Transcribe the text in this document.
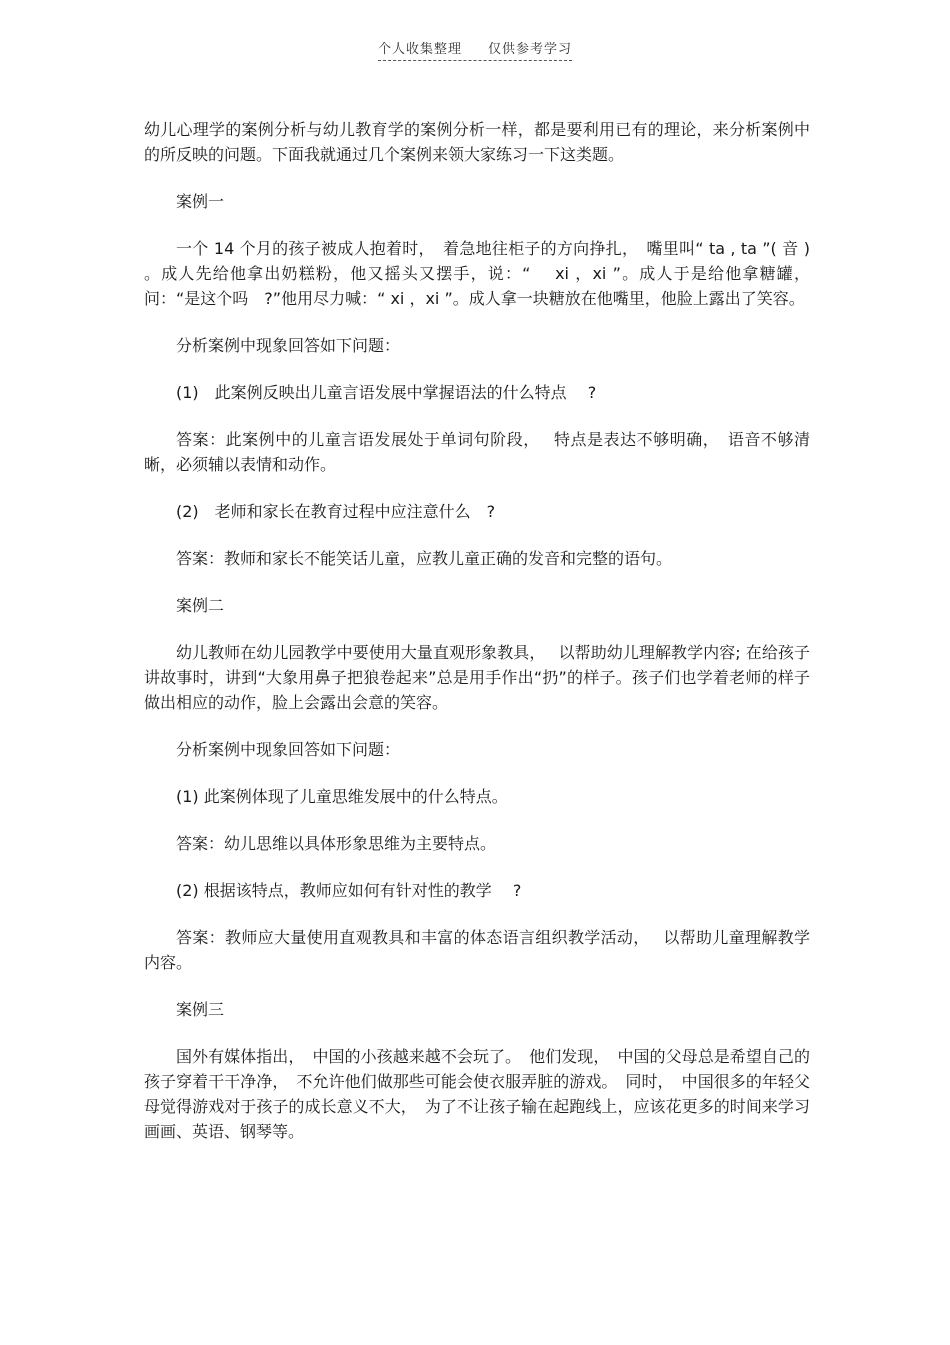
个人收集整理 仅供参考学习

幼儿心理学的案例分析与幼儿教育学的案例分析一样，都是要利用已有的理论，来分析案例中的所反映的问题。下面我就通过几个案例来领大家练习一下这类题。

案例一

一个 14 个月的孩子被成人抱着时，　着急地往柜子的方向挣扎，　嘴里叫“ ta , ta ”( 音 ) 。成人先给他拿出奶糕粉，他又摇头又摆手，说：“　 xi ，xi ”。成人于是给他拿糖罐，问：“是这个吗　?”他用尽力喊：“ xi ，xi ”。成人拿一块糖放在他嘴里，他脸上露出了笑容。

分析案例中现象回答如下问题：

(1)　此案例反映出儿童言语发展中掌握语法的什么特点　 ?

答案：此案例中的儿童言语发展处于单词句阶段，　 特点是表达不够明确，　语音不够清晰，必须辅以表情和动作。

(2)　老师和家长在教育过程中应注意什么　?

答案：教师和家长不能笑话儿童，应教儿童正确的发音和完整的语句。

案例二

幼儿教师在幼儿园教学中要使用大量直观形象教具，　 以帮助幼儿理解教学内容; 在给孩子讲故事时，讲到“大象用鼻子把狼卷起来”总是用手作出“扔”的样子。孩子们也学着老师的样子做出相应的动作，脸上会露出会意的笑容。

分析案例中现象回答如下问题：

(1) 此案例体现了儿童思维发展中的什么特点。

答案：幼儿思维以具体形象思维为主要特点。

(2) 根据该特点，教师应如何有针对性的教学　 ?

答案：教师应大量使用直观教具和丰富的体态语言组织教学活动，　 以帮助儿童理解教学内容。

案例三

国外有媒体指出，　中国的小孩越来越不会玩了。　他们发现，　中国的父母总是希望自己的孩子穿着干干净净，　不允许他们做那些可能会使衣服弄脏的游戏。　同时，　中国很多的年轻父母觉得游戏对于孩子的成长意义不大，　为了不让孩子输在起跑线上，应该花更多的时间来学习画画、英语、钢琴等。
